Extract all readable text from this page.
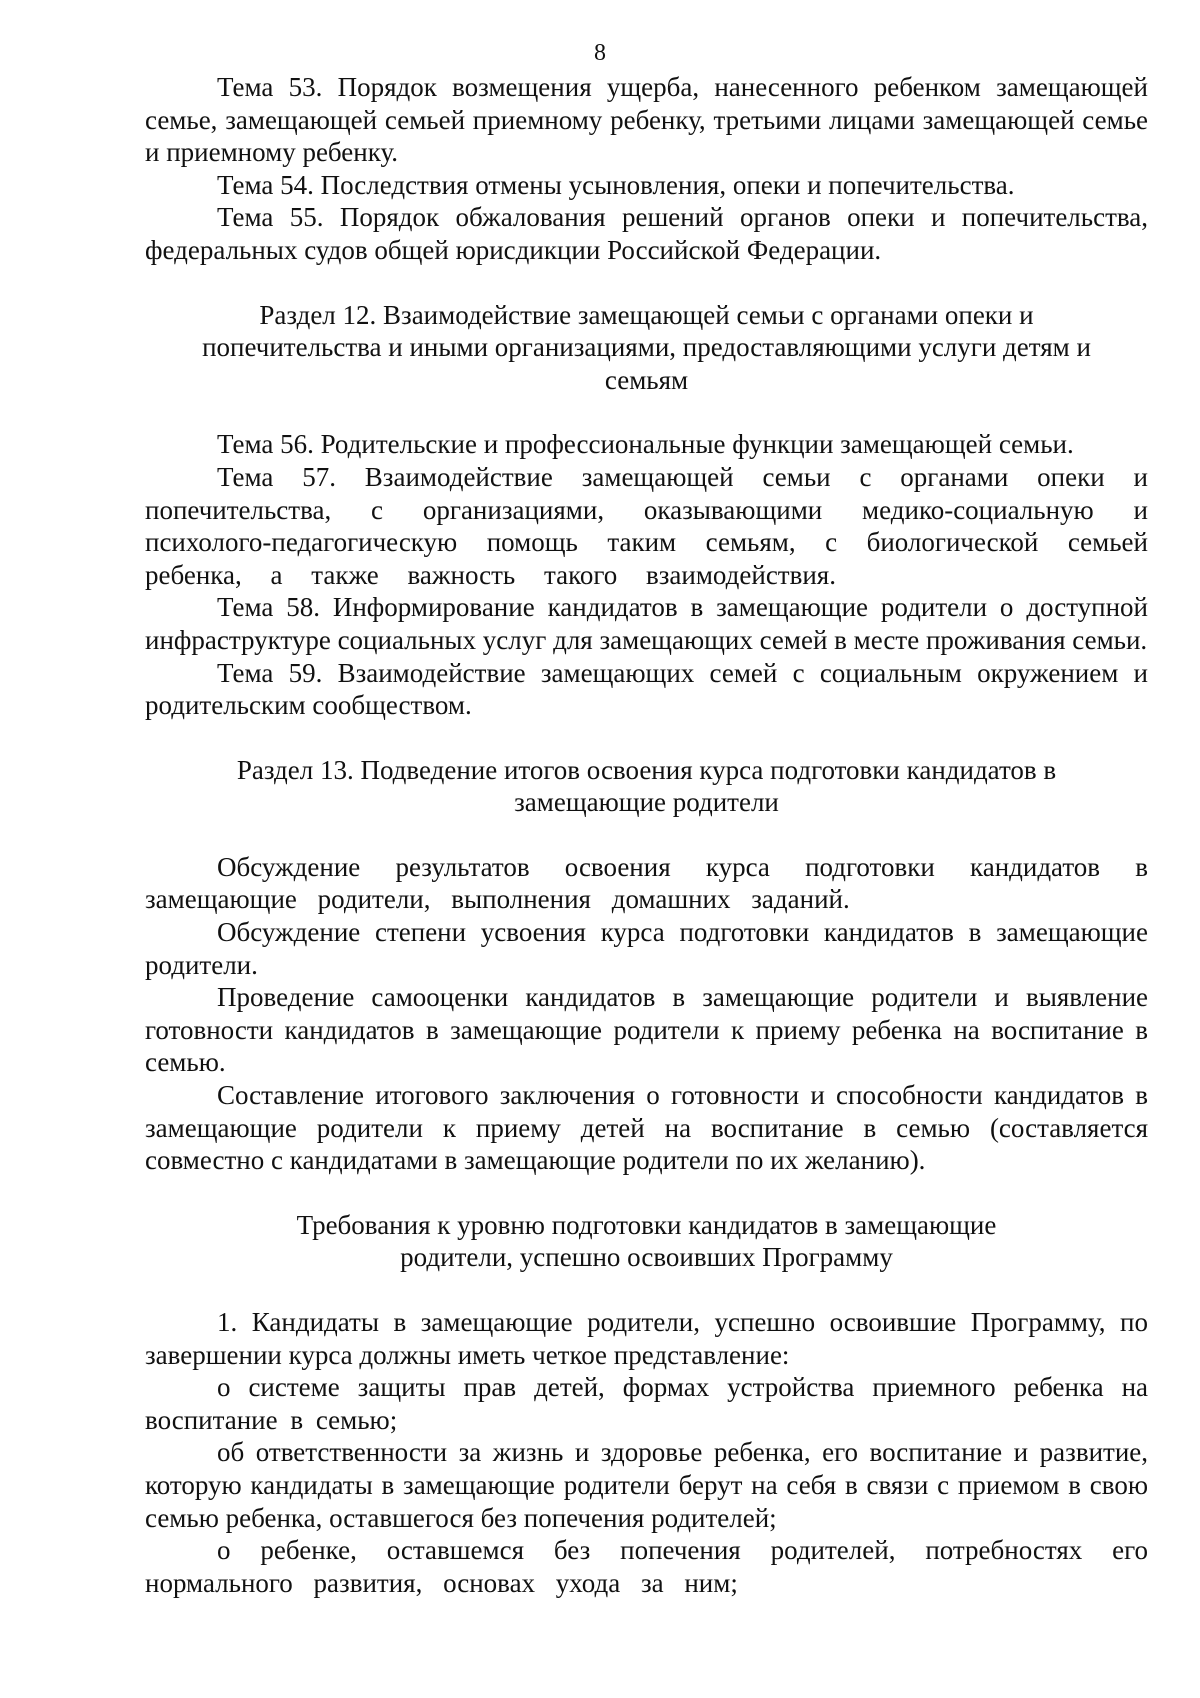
8

Тема 53. Порядок возмещения ущерба, нанесенного ребенком замещающей семье, замещающей семьей приемному ребенку, третьими лицами замещающей семье и приемному ребенку.

Тема 54. Последствия отмены усыновления, опеки и попечительства.

Тема 55. Порядок обжалования решений органов опеки и попечительства, федеральных судов общей юрисдикции Российской Федерации.

Раздел 12. Взаимодействие замещающей семьи с органами опеки и
попечительства и иными организациями, предоставляющими услуги детям и
семьям

Тема 56. Родительские и профессиональные функции замещающей семьи.

Тема 57. Взаимодействие замещающей семьи с органами опеки и попечительства, с организациями, оказывающими медико-социальную и психолого-педагогическую помощь таким семьям, с биологической семьей ребенка, а также важность такого взаимодействия.

Тема 58. Информирование кандидатов в замещающие родители о доступной инфраструктуре социальных услуг для замещающих семей в месте проживания семьи.

Тема 59. Взаимодействие замещающих семей с социальным окружением и родительским сообществом.

Раздел 13. Подведение итогов освоения курса подготовки кандидатов в
замещающие родители

Обсуждение результатов освоения курса подготовки кандидатов в замещающие родители, выполнения домашних заданий.

Обсуждение степени усвоения курса подготовки кандидатов в замещающие родители.

Проведение самооценки кандидатов в замещающие родители и выявление готовности кандидатов в замещающие родители к приему ребенка на воспитание в семью.

Составление итогового заключения о готовности и способности кандидатов в замещающие родители к приему детей на воспитание в семью (составляется совместно с кандидатами в замещающие родители по их желанию).

Требования к уровню подготовки кандидатов в замещающие
родители, успешно освоивших Программу

1. Кандидаты в замещающие родители, успешно освоившие Программу, по завершении курса должны иметь четкое представление:

о системе защиты прав детей, формах устройства приемного ребенка на воспитание в семью;

об ответственности за жизнь и здоровье ребенка, его воспитание и развитие, которую кандидаты в замещающие родители берут на себя в связи с приемом в свою семью ребенка, оставшегося без попечения родителей;

о ребенке, оставшемся без попечения родителей, потребностях его нормального развития, основах ухода за ним;
